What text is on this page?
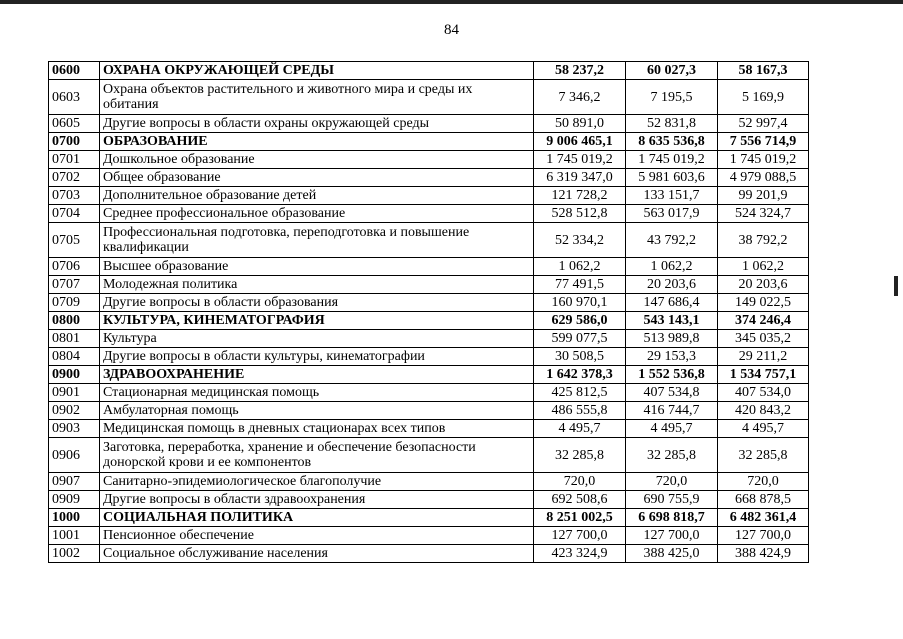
84
0600	ОХРАНА ОКРУЖАЮЩЕЙ СРЕДЫ	58 237,2	60 027,3	58 167,3
0603	Охрана объектов растительного и животного мира и среды их обитания	7 346,2	7 195,5	5 169,9
0605	Другие вопросы в области охраны окружающей среды	50 891,0	52 831,8	52 997,4
0700	ОБРАЗОВАНИЕ	9 006 465,1	8 635 536,8	7 556 714,9
0701	Дошкольное образование	1 745 019,2	1 745 019,2	1 745 019,2
0702	Общее образование	6 319 347,0	5 981 603,6	4 979 088,5
0703	Дополнительное образование детей	121 728,2	133 151,7	99 201,9
0704	Среднее профессиональное образование	528 512,8	563 017,9	524 324,7
0705	Профессиональная подготовка, переподготовка и повышение квалификации	52 334,2	43 792,2	38 792,2
0706	Высшее образование	1 062,2	1 062,2	1 062,2
0707	Молодежная политика	77 491,5	20 203,6	20 203,6
0709	Другие вопросы в области образования	160 970,1	147 686,4	149 022,5
0800	КУЛЬТУРА, КИНЕМАТОГРАФИЯ	629 586,0	543 143,1	374 246,4
0801	Культура	599 077,5	513 989,8	345 035,2
0804	Другие вопросы в области культуры, кинематографии	30 508,5	29 153,3	29 211,2
0900	ЗДРАВООХРАНЕНИЕ	1 642 378,3	1 552 536,8	1 534 757,1
0901	Стационарная медицинская помощь	425 812,5	407 534,8	407 534,0
0902	Амбулаторная помощь	486 555,8	416 744,7	420 843,2
0903	Медицинская помощь в дневных стационарах всех типов	4 495,7	4 495,7	4 495,7
0906	Заготовка, переработка, хранение и обеспечение безопасности донорской крови и ее компонентов	32 285,8	32 285,8	32 285,8
0907	Санитарно-эпидемиологическое благополучие	720,0	720,0	720,0
0909	Другие вопросы в области здравоохранения	692 508,6	690 755,9	668 878,5
1000	СОЦИАЛЬНАЯ ПОЛИТИКА	8 251 002,5	6 698 818,7	6 482 361,4
1001	Пенсионное обеспечение	127 700,0	127 700,0	127 700,0
1002	Социальное обслуживание населения	423 324,9	388 425,0	388 424,9
